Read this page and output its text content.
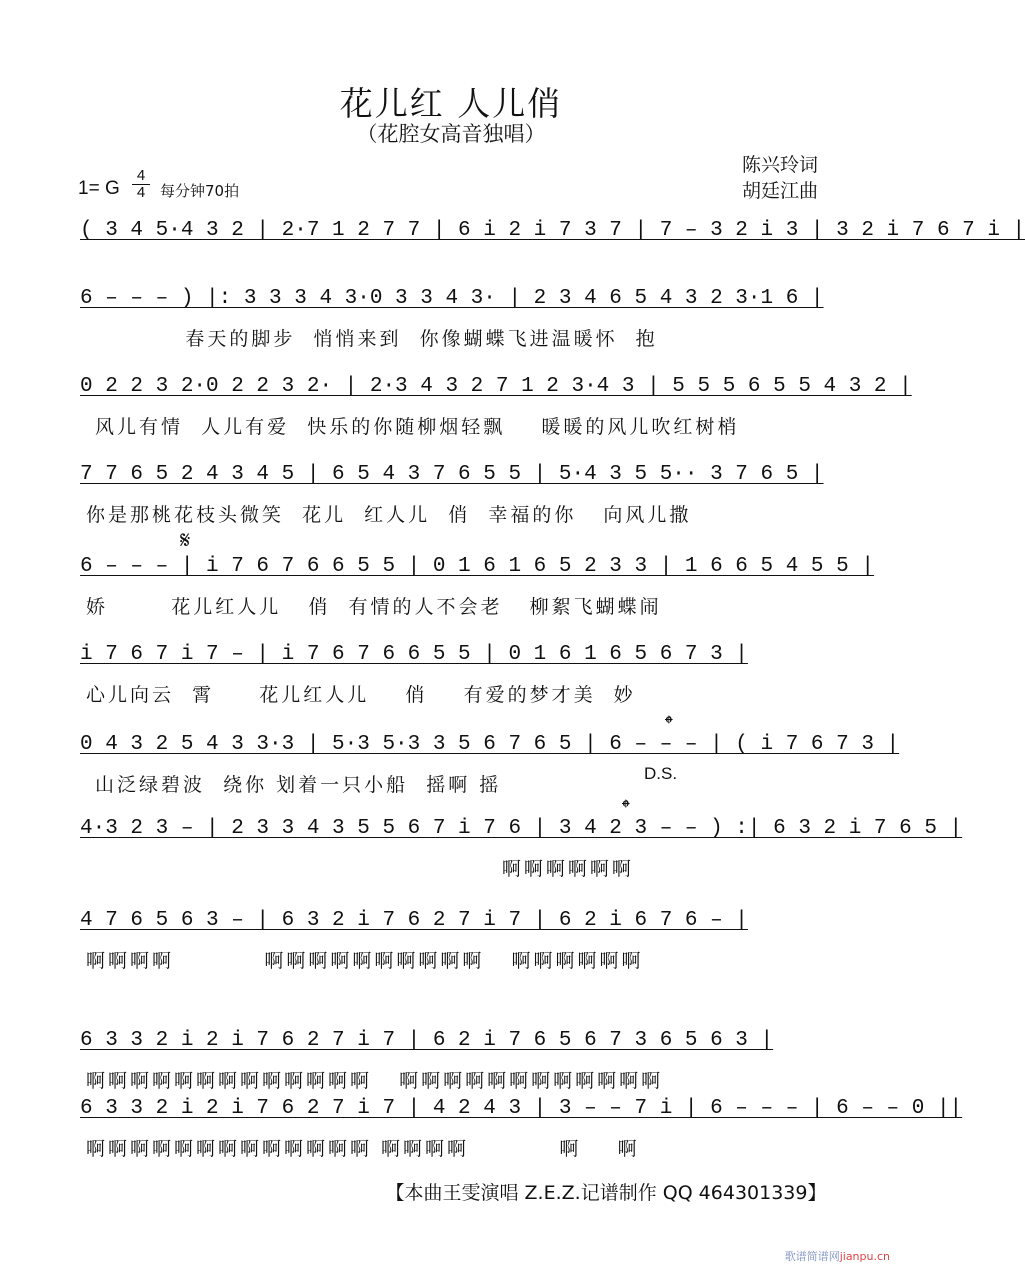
花儿红 人儿俏
（花腔女高音独唱）
陈兴玲词
胡廷江曲
1= G
4
4 每分钟70拍
( 3 4 5·4 3 2 | 2·7 1 2 7 7 | 6 i 2 i 7 3 7 | 7 – 3 2 i 3 | 3 2 i 7 6 7 i |
6 – – – ) |: 3 3 3 4 3·0 3 3 4 3· | 2 3 4 6 5 4 3 2 3·1 6 |
春天的脚步  悄悄来到  你像蝴蝶飞进温暖怀  抱
0 2 2 3 2·0 2 2 3 2· | 2·3 4 3 2 7 1 2 3·4 3 | 5 5 5 6 5 5 4 3 2 |
风儿有情  人儿有爱  快乐的你随柳烟轻飘    暖暖的风儿吹红树梢
7 7 6 5 2 4 3 4 5 | 6 5 4 3 7 6 5 5 | 5·4 3 5 5·· 3 7 6 5 |
你是那桃花枝头微笑  花儿  红人儿  俏  幸福的你   向风儿撒
6 – – – | i 7 6 7 6 6 5 5 | 0 1 6 1 6 5 2 3 3 | 1 6 6 5 4 5 5 |
娇       花儿红人儿   俏  有情的人不会老   柳絮飞蝴蝶闹
i 7 6 7 i 7 – | i 7 6 7 6 6 5 5 | 0 1 6 1 6 5 6 7 3 |
心儿向云  霄     花儿红人儿    俏    有爱的梦才美  妙
0 4 3 2 5 4 3 3·3 | 5·3 5·3 3 5 6 7 6 5 | 6 – – – | ( i 7 6 7 3 |
山泛绿碧波  绕你 划着一只小船  摇啊 摇
4·3 2 3 – | 2 3 3 4 3 5 5 6 7 i 7 6 | 3 4 2 3 – – ) :| 6 3 2 i 7 6 5 |
啊啊啊啊啊啊
4 7 6 5 6 3 – | 6 3 2 i 7 6 2 7 i 7 | 6 2 i 6 7 6 – |
啊啊啊啊          啊啊啊啊啊啊啊啊啊啊   啊啊啊啊啊啊
6 3 3 2 i 2 i 7 6 2 7 i 7 | 6 2 i 7 6 5 6 7 3 6 5 6 3 |
啊啊啊啊啊啊啊啊啊啊啊啊啊   啊啊啊啊啊啊啊啊啊啊啊啊
6 3 3 2 i 2 i 7 6 2 7 i 7 | 4 2 4 3 | 3 – – 7 i | 6 – – – | 6 – – 0 ||
啊啊啊啊啊啊啊啊啊啊啊啊啊 啊啊啊啊          啊    啊
𝄋
𝄌
𝄌
D.S.
【本曲王雯演唱 Z.E.Z.记谱制作 QQ 464301339】
歌谱简谱网jianpu.cn
